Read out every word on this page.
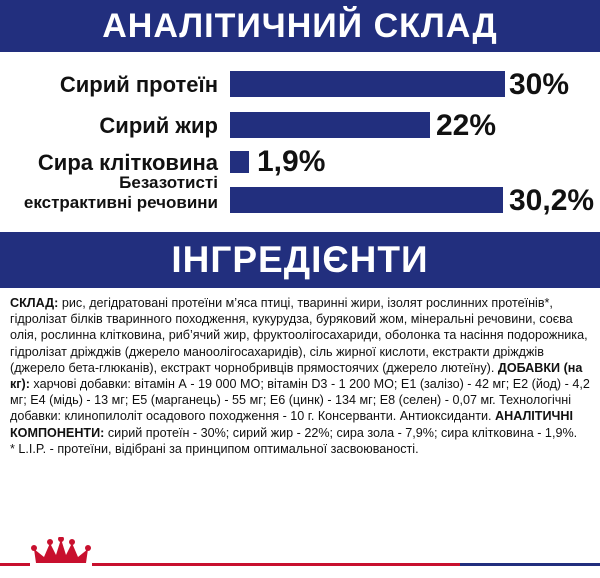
АНАЛІТИЧНИЙ СКЛАД
Сирий протеїн	30%
Сирий жир	22%
Сира клітковина 1,9%
Безазотисті
екстрактивні речовини	30,2%
ІНГРЕДІЄНТИ
СКЛАД: рис, дегідратовані протеїни м’яса птиці, тваринні жири, ізолят рослинних протеїнів*, гідролізат білків тваринного походження, кукурудза, буряковий жом, мінеральні речовини, соєва олія, рослинна клітковина, риб’ячий жир, фруктоолігосахариди, оболонка та насіння подорожника, гідролізат дріжджів (джерело маноолігосахаридів), сіль жирної кислоти, екстракти дріжджів (джерело бета-глюканів), екстракт чорнобривців прямостоячих (джерело лютеїну). ДОБАВКИ (на кг): харчові добавки: вітамін А - 19 000 МО; вітамін D3 - 1 200 МО; E1 (залізо) - 42 мг; E2 (йод) - 4,2 мг; E4 (мідь) - 13 мг; E5 (марганець) - 55 мг; E6 (цинк) - 134 мг; E8 (селен) - 0,07 мг. Технологічні добавки: клинопилоліт осадового походження - 10 г. Консерванти. Антиоксиданти. АНАЛІТИЧНІ КОМПОНЕНТИ: сирий протеїн - 30%; сирий жир - 22%; сира зола - 7,9%; сира клітковина - 1,9%.
* L.I.P. - протеїни, відібрані за принципом оптимальної засвоюваності.
